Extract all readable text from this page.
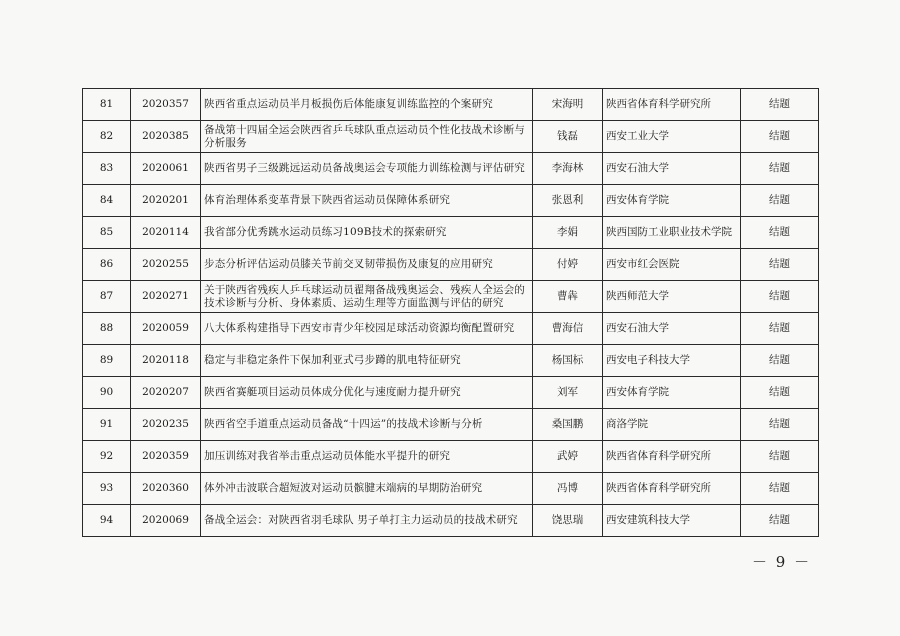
81	2020357	陕西省重点运动员半月板损伤后体能康复训练监控的个案研究	宋海明	陕西省体育科学研究所	结题
82	2020385	备战第十四届全运会陕西省乒乓球队重点运动员个性化技战术诊断与分析服务	钱磊	西安工业大学	结题
83	2020061	陕西省男子三级跳远运动员备战奥运会专项能力训练检测与评估研究	李海林	西安石油大学	结题
84	2020201	体育治理体系变革背景下陕西省运动员保障体系研究	张恩利	西安体育学院	结题
85	2020114	我省部分优秀跳水运动员练习109B技术的探索研究	李娟	陕西国防工业职业技术学院	结题
86	2020255	步态分析评估运动员膝关节前交叉韧带损伤及康复的应用研究	付婷	西安市红会医院	结题
87	2020271	关于陕西省残疾人乒乓球运动员翟翔备战残奥运会、残疾人全运会的技术诊断与分析、身体素质、运动生理等方面监测与评估的研究	曹犇	陕西师范大学	结题
88	2020059	八大体系构建指导下西安市青少年校园足球活动资源均衡配置研究	曹海信	西安石油大学	结题
89	2020118	稳定与非稳定条件下保加利亚式弓步蹲的肌电特征研究	杨国标	西安电子科技大学	结题
90	2020207	陕西省赛艇项目运动员体成分优化与速度耐力提升研究	刘军	西安体育学院	结题
91	2020235	陕西省空手道重点运动员备战“十四运”的技战术诊断与分析	桑国鹏	商洛学院	结题
92	2020359	加压训练对我省举击重点运动员体能水平提升的研究	武婷	陕西省体育科学研究所	结题
93	2020360	体外冲击波联合超短波对运动员髌腱末端病的早期防治研究	冯博	陕西省体育科学研究所	结题
94	2020069	备战全运会：对陕西省羽毛球队 男子单打主力运动员的技战术研究	饶思瑞	西安建筑科技大学	结题
－ 9 －
